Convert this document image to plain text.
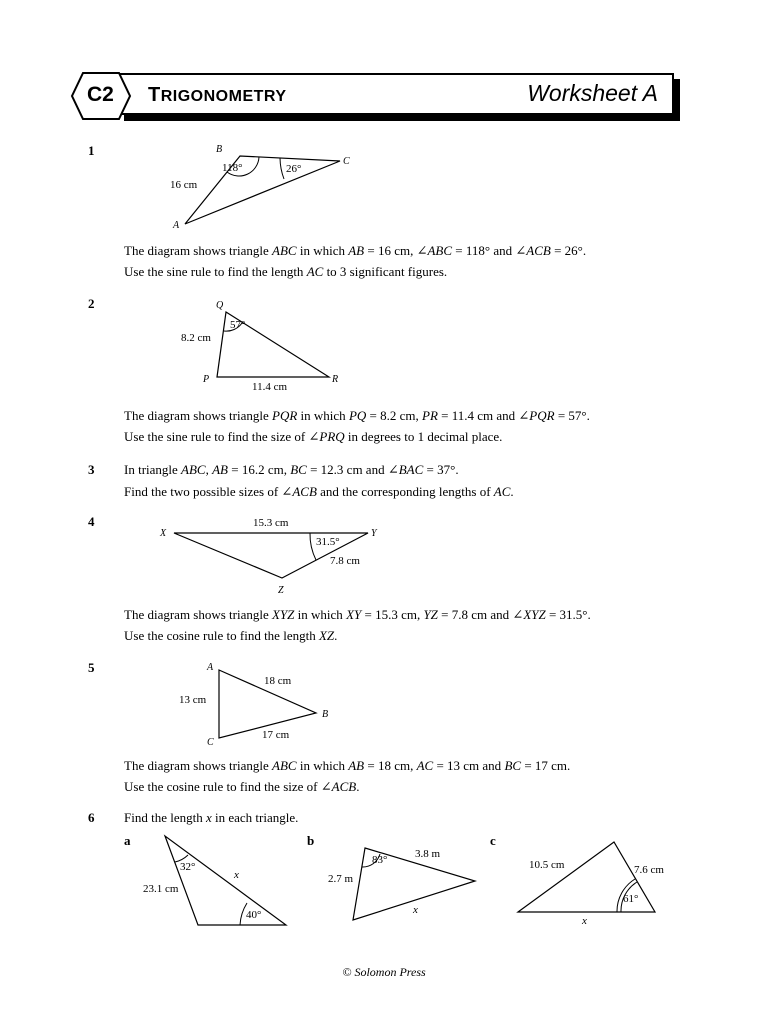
C2 TRIGONOMETRY	Worksheet A
1	B
C
A
16 cm
118°	26°
The diagram shows triangle ABC in which AB = 16 cm, ∠ABC = 118° and ∠ACB = 26°.
Use the sine rule to find the length AC to 3 significant figures.
2	Q
P	R
8.2 cm
11.4 cm
57°
The diagram shows triangle PQR in which PQ = 8.2 cm, PR = 11.4 cm and ∠PQR = 57°.
Use the sine rule to find the size of ∠PRQ in degrees to 1 decimal place.
3 In triangle ABC, AB = 16.2 cm, BC = 12.3 cm and ∠BAC = 37°.
Find the two possible sizes of ∠ACB and the corresponding lengths of AC.
4
X	Y
Z
15.3 cm
7.8 cm
31.5°
The diagram shows triangle XYZ in which XY = 15.3 cm, YZ = 7.8 cm and ∠XYZ = 31.5°.
Use the cosine rule to find the length XZ.
5	A
B
C
13 cm
18 cm
17 cm
The diagram shows triangle ABC in which AB = 18 cm, AC = 13 cm and BC = 17 cm.
Use the cosine rule to find the size of ∠ACB.
6 Find the length x in each triangle.
a	b	c
32°
23.1 cm
x
40°
83°	3.8 m
2.7 m
x
10.5 cm	7.6 cm
61°
x
© Solomon Press
